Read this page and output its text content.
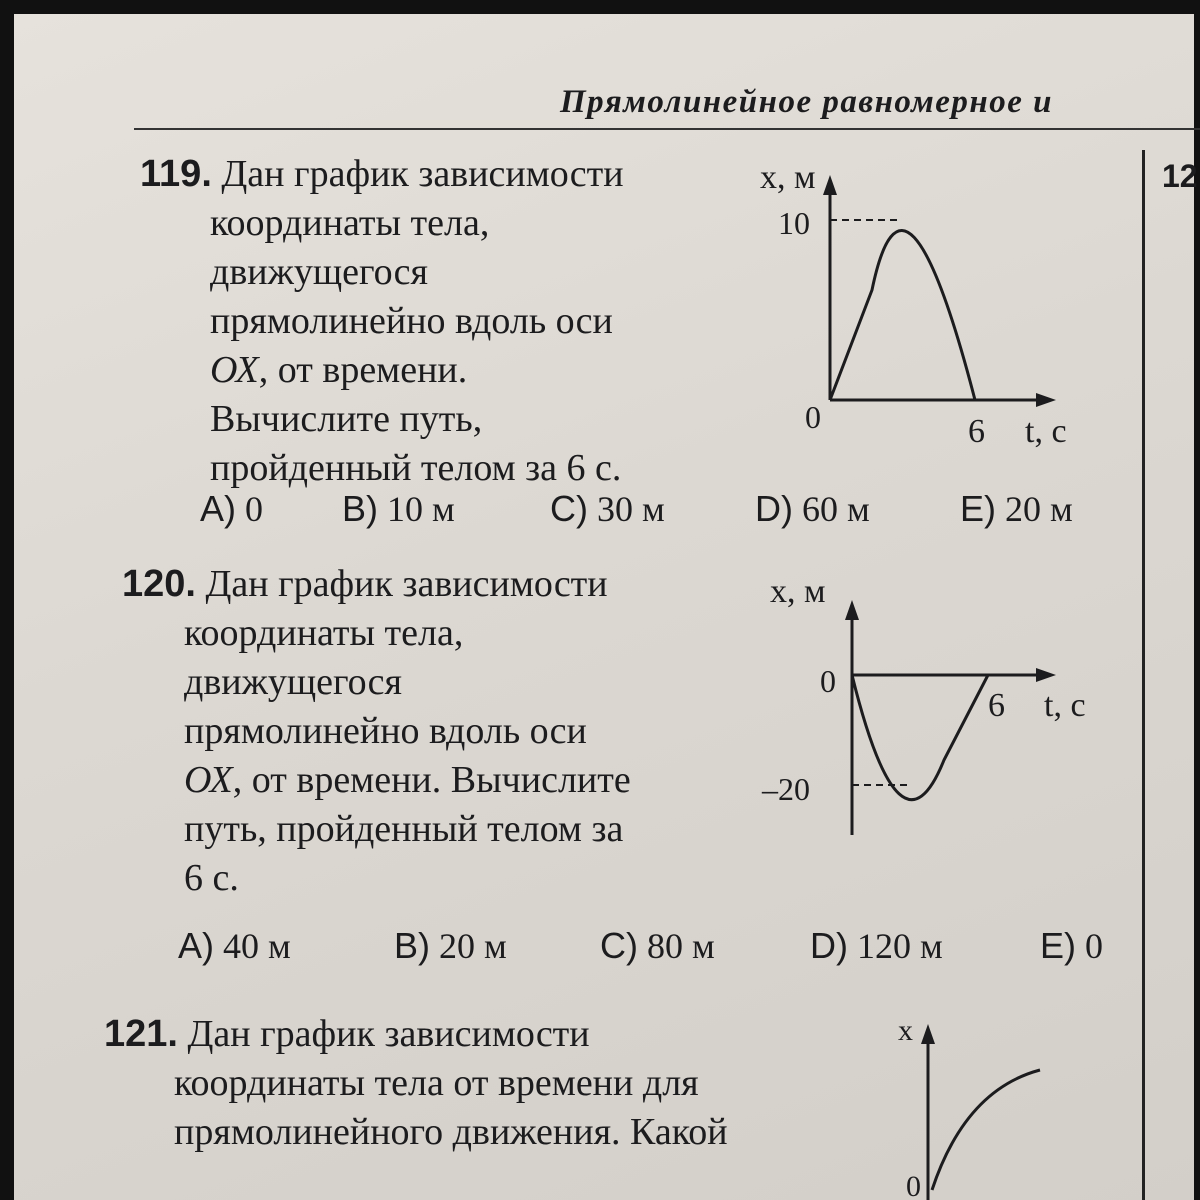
Прямолинейное равномерное и
12
119. Дан график зависимости
координаты тела,
движущегося
прямолинейно вдоль оси
ОХ, от времени.
Вычислите путь,
пройденный телом за 6 с.
A) 0 B) 10 м	C) 30 м	D) 60 м	E) 20 м
x, м
10
0	6 t, с
120. Дан график зависимости
координаты тела,
движущегося
прямолинейно вдоль оси
ОХ, от времени. Вычислите
путь, пройденный телом за
6 с.
A) 40 м	B) 20 м	C) 80 м	D) 120 м	E) 0
x, м
0
–20
6 t, с
121. Дан график зависимости
координаты тела от времени для
прямолинейного движения. Какой
x
0
